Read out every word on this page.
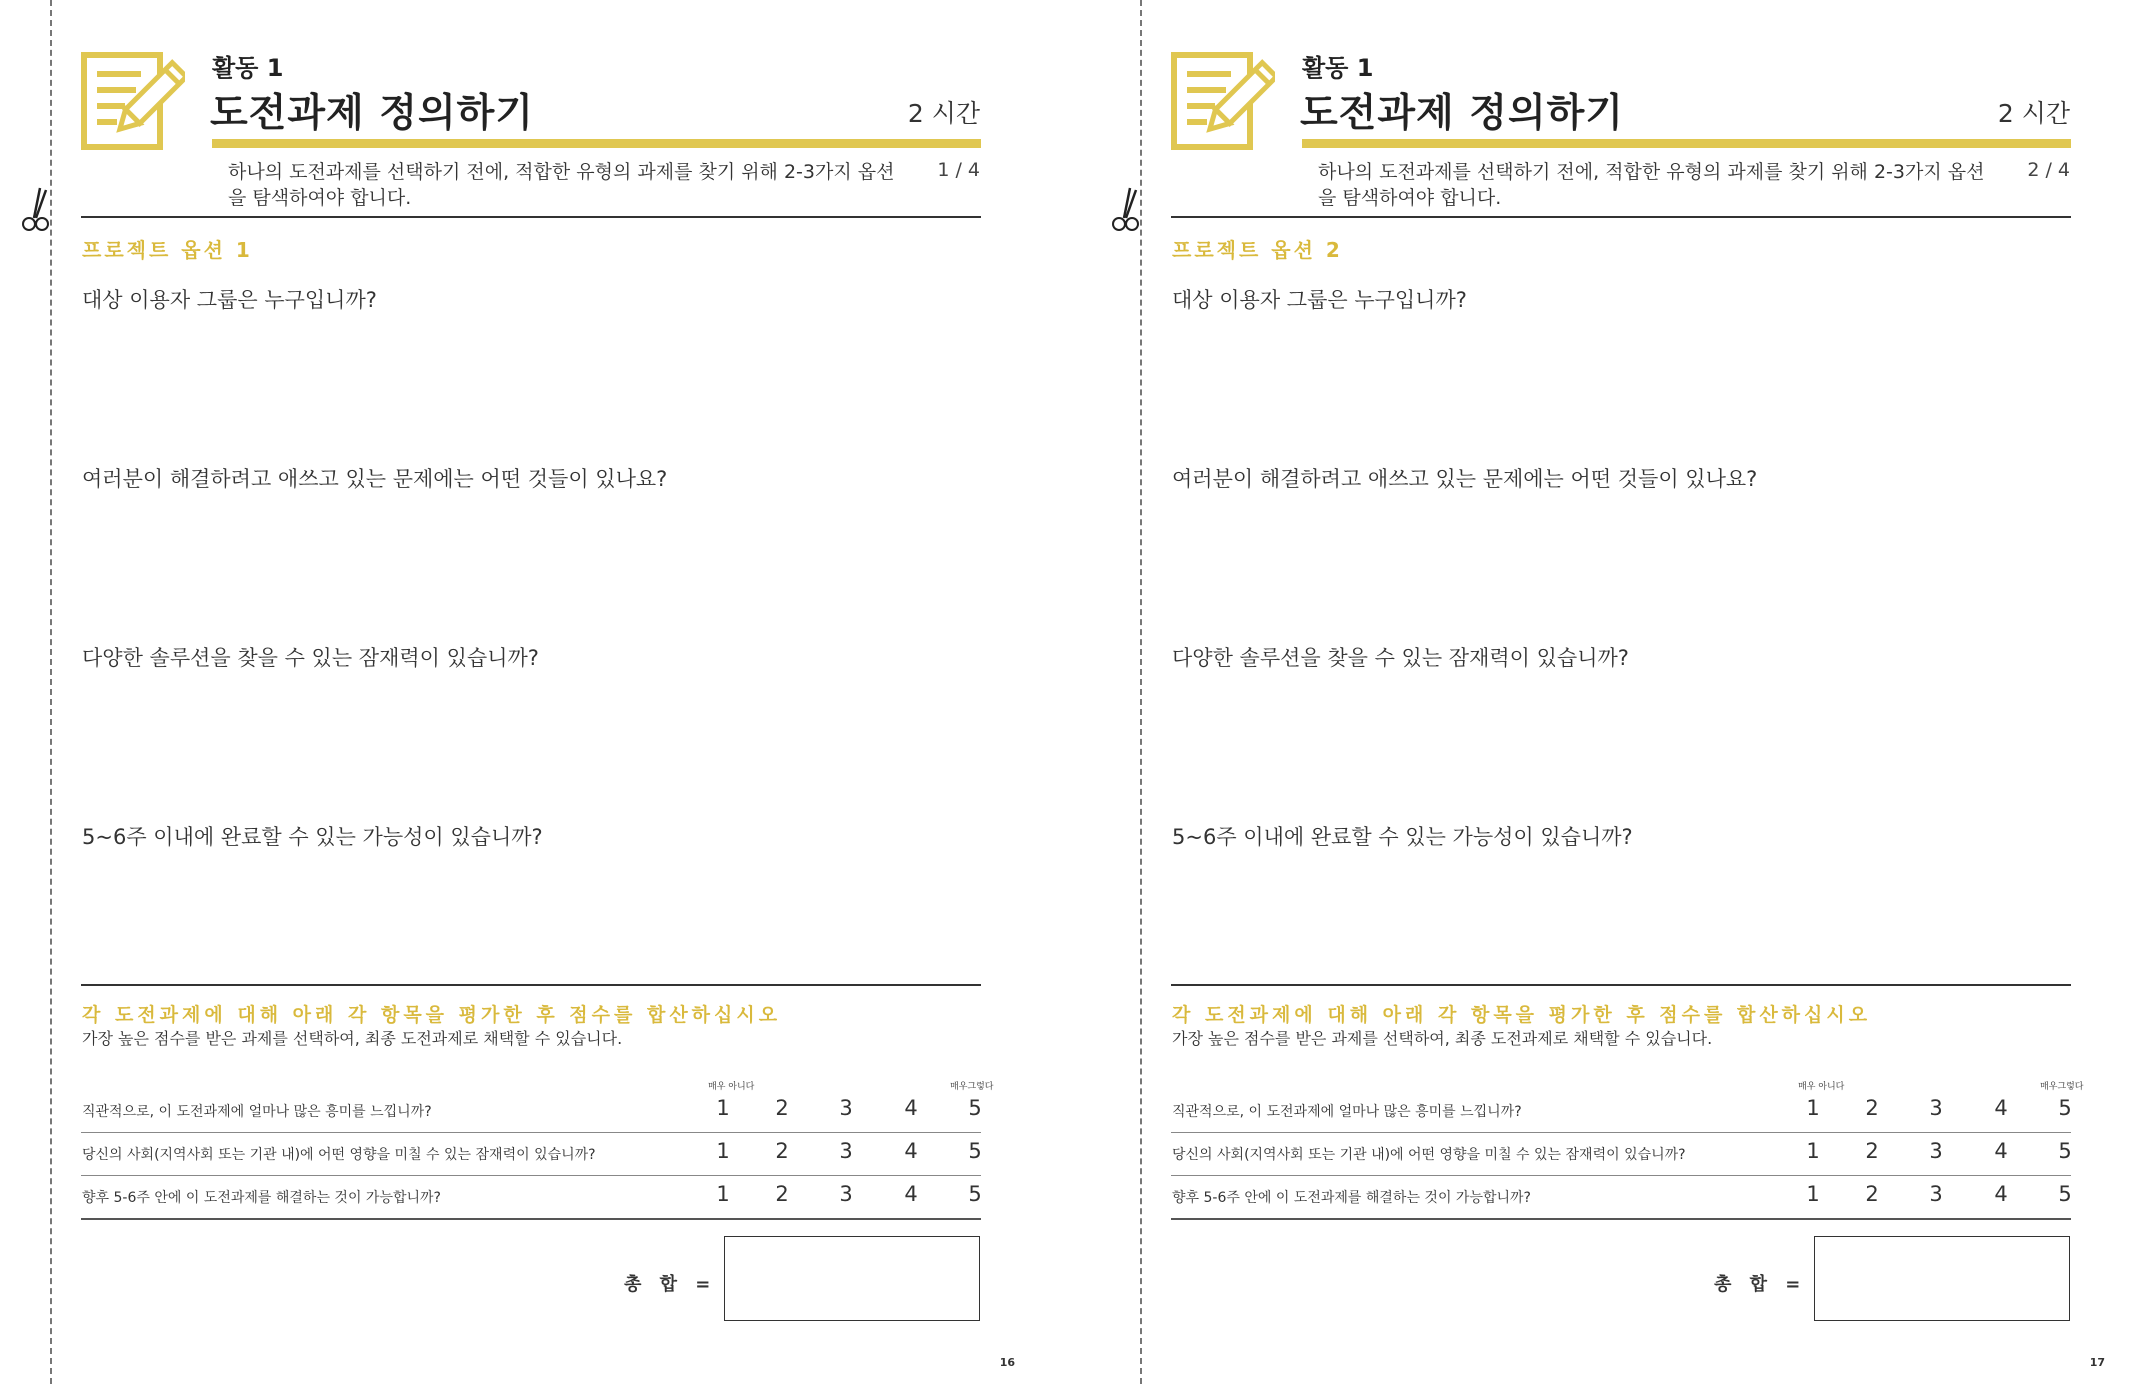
활동 1
도전과제 정의하기	2 시간
하나의 도전과제를 선택하기 전에, 적합한 유형의 과제를 찾기 위해 2-3가지 옵션을 탐색하여야 합니다.
1 / 4
프로젝트 옵션 1
대상 이용자 그룹은 누구입니까?
여러분이 해결하려고 애쓰고 있는 문제에는 어떤 것들이 있나요?
다양한 솔루션을 찾을 수 있는 잠재력이 있습니까?
5~6주 이내에 완료할 수 있는 가능성이 있습니까?
각 도전과제에 대해 아래 각 항목을 평가한 후 점수를 합산하십시오
가장 높은 점수를 받은 과제를 선택하여, 최종 도전과제로 채택할 수 있습니다.
매우 아니다	매우그렇다
직관적으로, 이 도전과제에 얼마나 많은 흥미를 느낍니까?	1	2	3	4	5
당신의 사회(지역사회 또는 기관 내)에 어떤 영향을 미칠 수 있는 잠재력이 있습니까?	1	2	3	4	5
향후 5-6주 안에 이 도전과제를 해결하는 것이 가능합니까?	1	2	3	4	5
총 합 =
16
활동 1
도전과제 정의하기	2 시간
하나의 도전과제를 선택하기 전에, 적합한 유형의 과제를 찾기 위해 2-3가지 옵션을 탐색하여야 합니다.
2 / 4
프로젝트 옵션 2
대상 이용자 그룹은 누구입니까?
여러분이 해결하려고 애쓰고 있는 문제에는 어떤 것들이 있나요?
다양한 솔루션을 찾을 수 있는 잠재력이 있습니까?
5~6주 이내에 완료할 수 있는 가능성이 있습니까?
각 도전과제에 대해 아래 각 항목을 평가한 후 점수를 합산하십시오
가장 높은 점수를 받은 과제를 선택하여, 최종 도전과제로 채택할 수 있습니다.
매우 아니다	매우그렇다
직관적으로, 이 도전과제에 얼마나 많은 흥미를 느낍니까?	1	2	3	4	5
당신의 사회(지역사회 또는 기관 내)에 어떤 영향을 미칠 수 있는 잠재력이 있습니까?	1	2	3	4	5
향후 5-6주 안에 이 도전과제를 해결하는 것이 가능합니까?	1	2	3	4	5
총 합 =
17
